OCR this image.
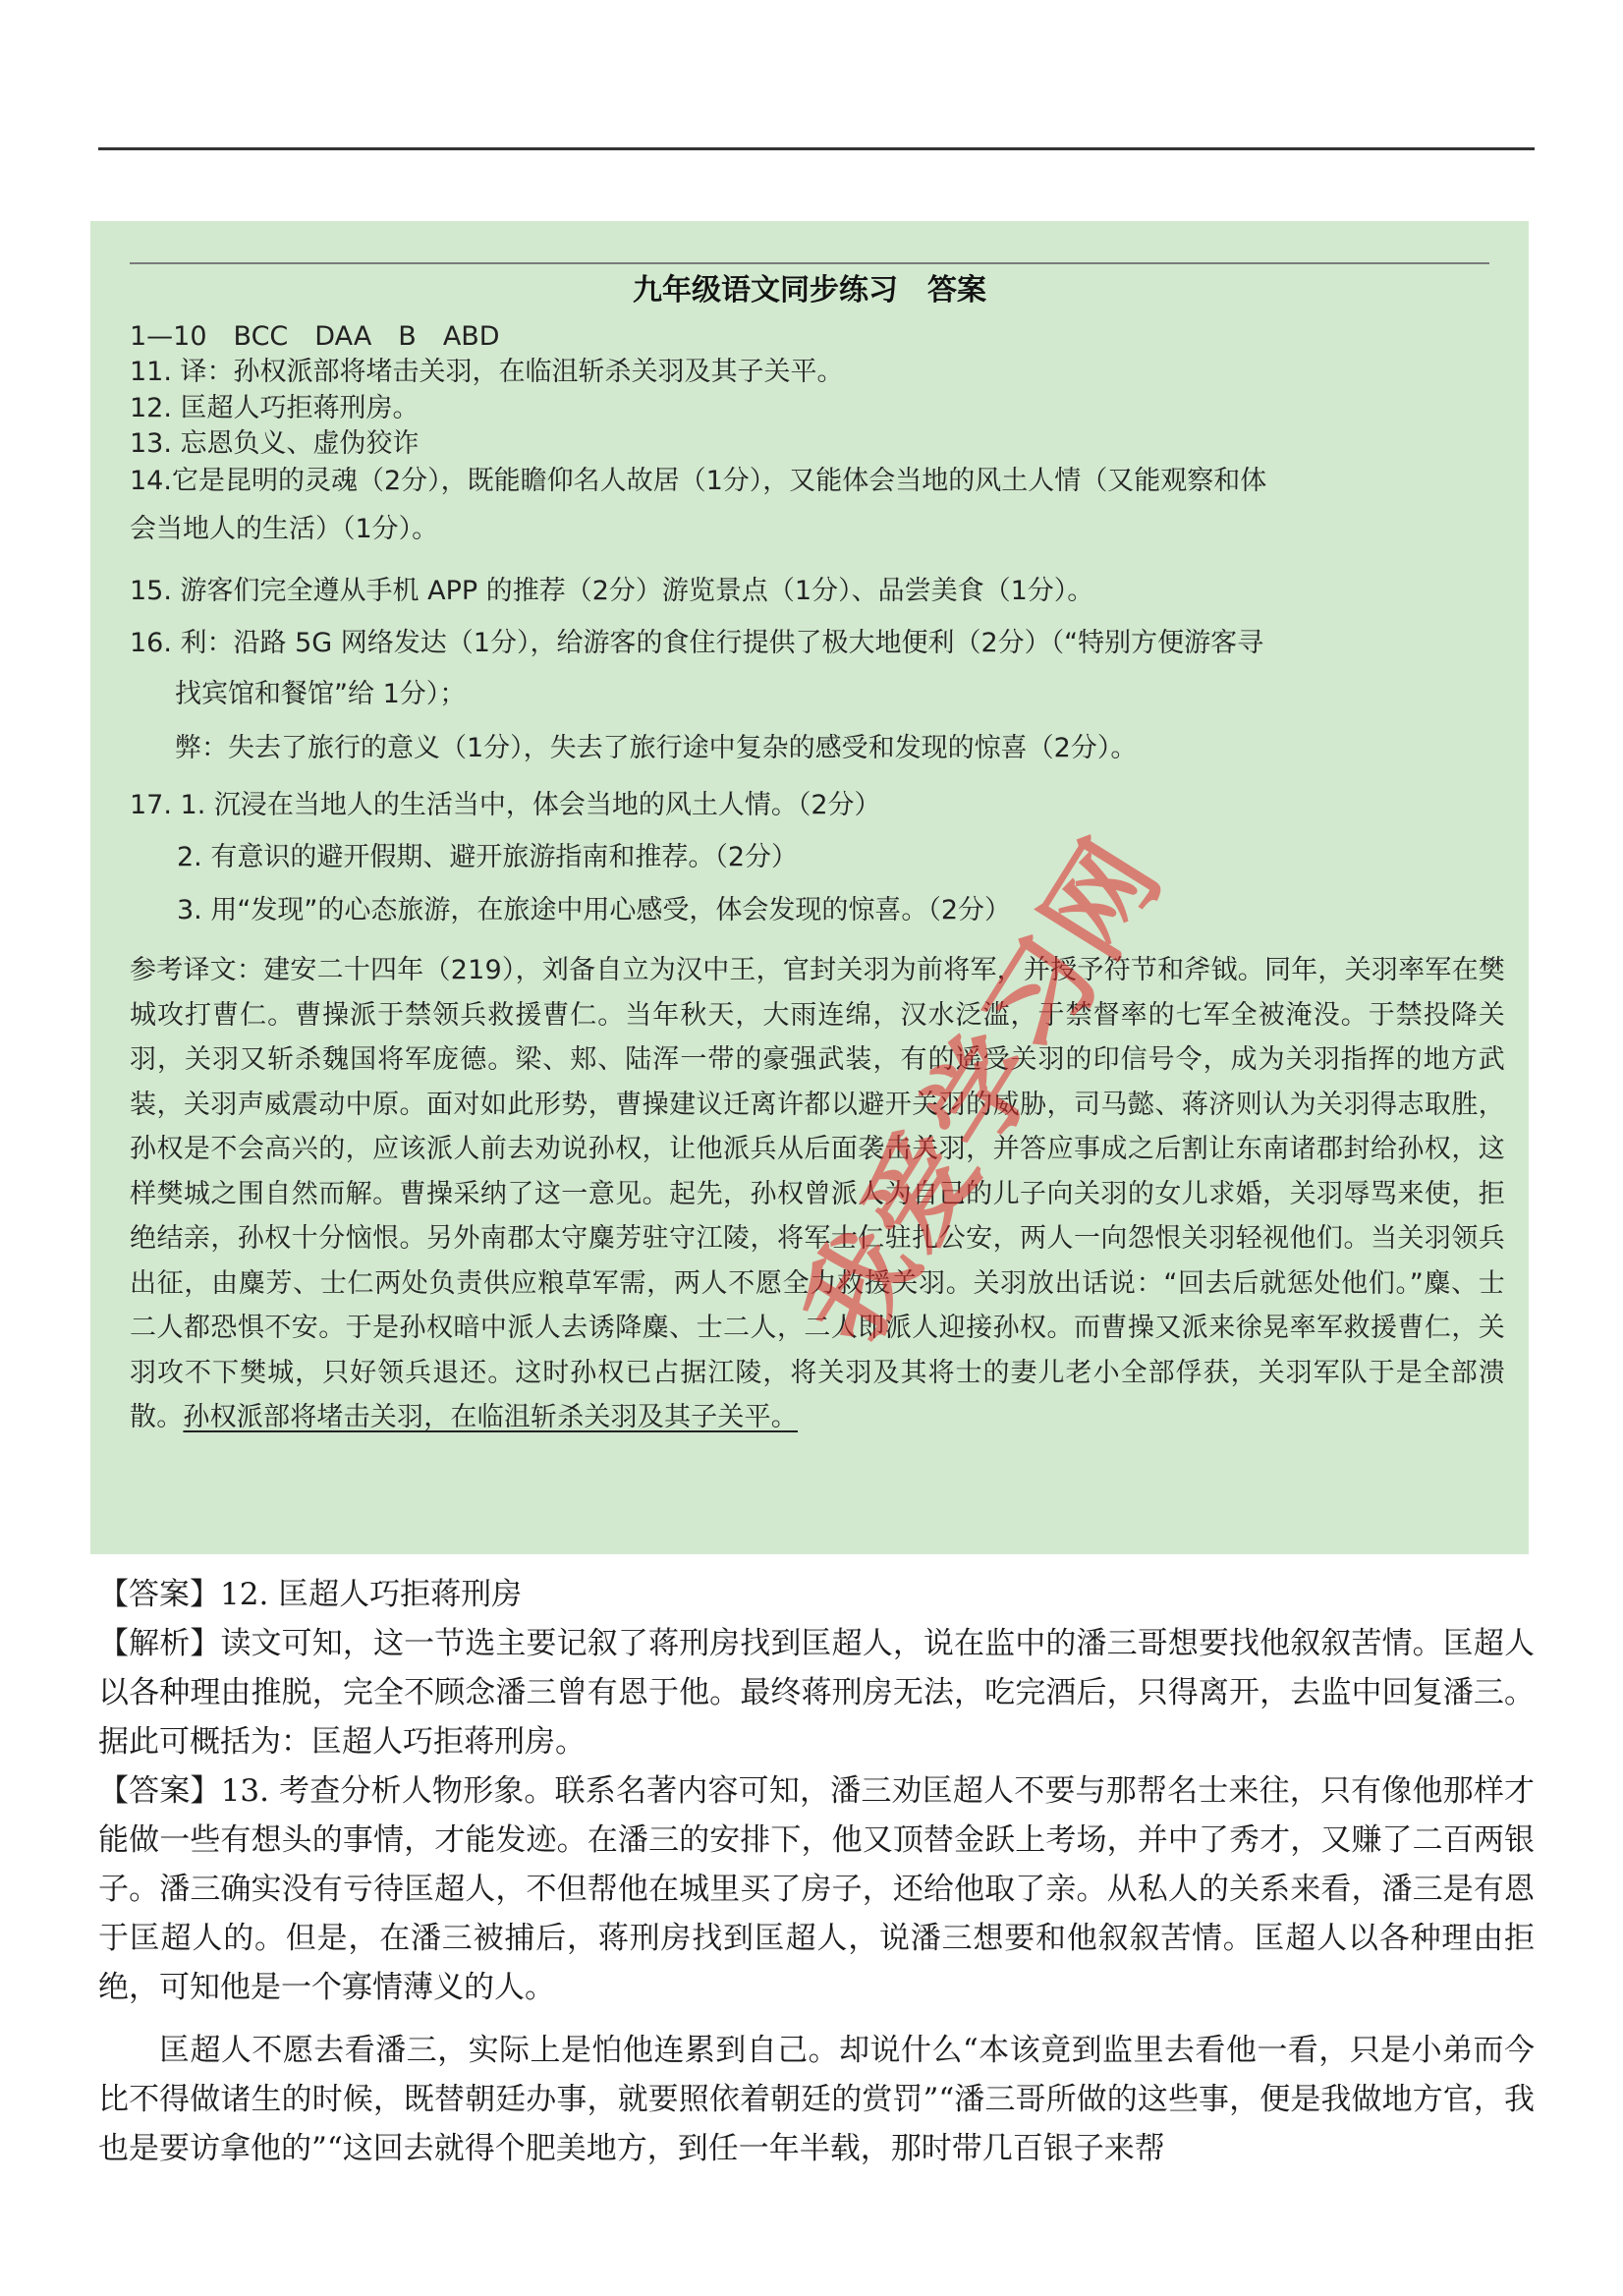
九年级语文同步练习　答案
1—10　BCC　DAA　B　ABD
11. 译：孙权派部将堵击关羽，在临沮斩杀关羽及其子关平。
12. 匡超人巧拒蒋刑房。
13. 忘恩负义、虚伪狡诈
14.它是昆明的灵魂（2分），既能瞻仰名人故居（1分），又能体会当地的风土人情（又能观察和体
会当地人的生活）（1分）。
15. 游客们完全遵从手机 APP 的推荐（2分）游览景点（1分）、品尝美食（1分）。
16. 利：沿路 5G 网络发达（1分），给游客的食住行提供了极大地便利（2分）（“特别方便游客寻
找宾馆和餐馆”给 1分）；
弊：失去了旅行的意义（1分），失去了旅行途中复杂的感受和发现的惊喜（2分）。
17. 1. 沉浸在当地人的生活当中，体会当地的风土人情。（2分）
2. 有意识的避开假期、避开旅游指南和推荐。（2分）
3. 用“发现”的心态旅游，在旅途中用心感受，体会发现的惊喜。（2分）
参考译文：建安二十四年（219），刘备自立为汉中王，官封关羽为前将军，并授予符节和斧钺。同年，关羽率军在樊城攻打曹仁。曹操派于禁领兵救援曹仁。当年秋天，大雨连绵，汉水泛滥，于禁督率的七军全被淹没。于禁投降关羽，关羽又斩杀魏国将军庞德。梁、郏、陆浑一带的豪强武装，有的遥受关羽的印信号令，成为关羽指挥的地方武装，关羽声威震动中原。面对如此形势，曹操建议迁离许都以避开关羽的威胁，司马懿、蒋济则认为关羽得志取胜，孙权是不会高兴的，应该派人前去劝说孙权，让他派兵从后面袭击关羽，并答应事成之后割让东南诸郡封给孙权，这样樊城之围自然而解。曹操采纳了这一意见。起先，孙权曾派人为自己的儿子向关羽的女儿求婚，关羽辱骂来使，拒绝结亲，孙权十分恼恨。另外南郡太守麋芳驻守江陵，将军士仁驻扎公安，两人一向怨恨关羽轻视他们。当关羽领兵出征，由麋芳、士仁两处负责供应粮草军需，两人不愿全力救援关羽。关羽放出话说：“回去后就惩处他们。”麋、士二人都恐惧不安。于是孙权暗中派人去诱降麋、士二人，二人即派人迎接孙权。而曹操又派来徐晃率军救援曹仁，关羽攻不下樊城，只好领兵退还。这时孙权已占据江陵，将关羽及其将士的妻儿老小全部俘获，关羽军队于是全部溃散。孙权派部将堵击关羽，在临沮斩杀关羽及其子关平。
我爱学习网

【答案】12. 匡超人巧拒蒋刑房

【解析】读文可知，这一节选主要记叙了蒋刑房找到匡超人，说在监中的潘三哥想要找他叙叙苦情。匡超人以各种理由推脱，完全不顾念潘三曾有恩于他。最终蒋刑房无法，吃完酒后，只得离开，去监中回复潘三。据此可概括为：匡超人巧拒蒋刑房。

【答案】13. 考查分析人物形象。联系名著内容可知，潘三劝匡超人不要与那帮名士来往，只有像他那样才能做一些有想头的事情，才能发迹。在潘三的安排下，他又顶替金跃上考场，并中了秀才，又赚了二百两银子。潘三确实没有亏待匡超人，不但帮他在城里买了房子，还给他取了亲。从私人的关系来看，潘三是有恩于匡超人的。但是，在潘三被捕后，蒋刑房找到匡超人，说潘三想要和他叙叙苦情。匡超人以各种理由拒绝，可知他是一个寡情薄义的人。

匡超人不愿去看潘三，实际上是怕他连累到自己。却说什么“本该竟到监里去看他一看，只是小弟而今比不得做诸生的时候，既替朝廷办事，就要照依着朝廷的赏罚”“潘三哥所做的这些事，便是我做地方官，我也是要访拿他的”“这回去就得个肥美地方，到任一年半载，那时带几百银子来帮
